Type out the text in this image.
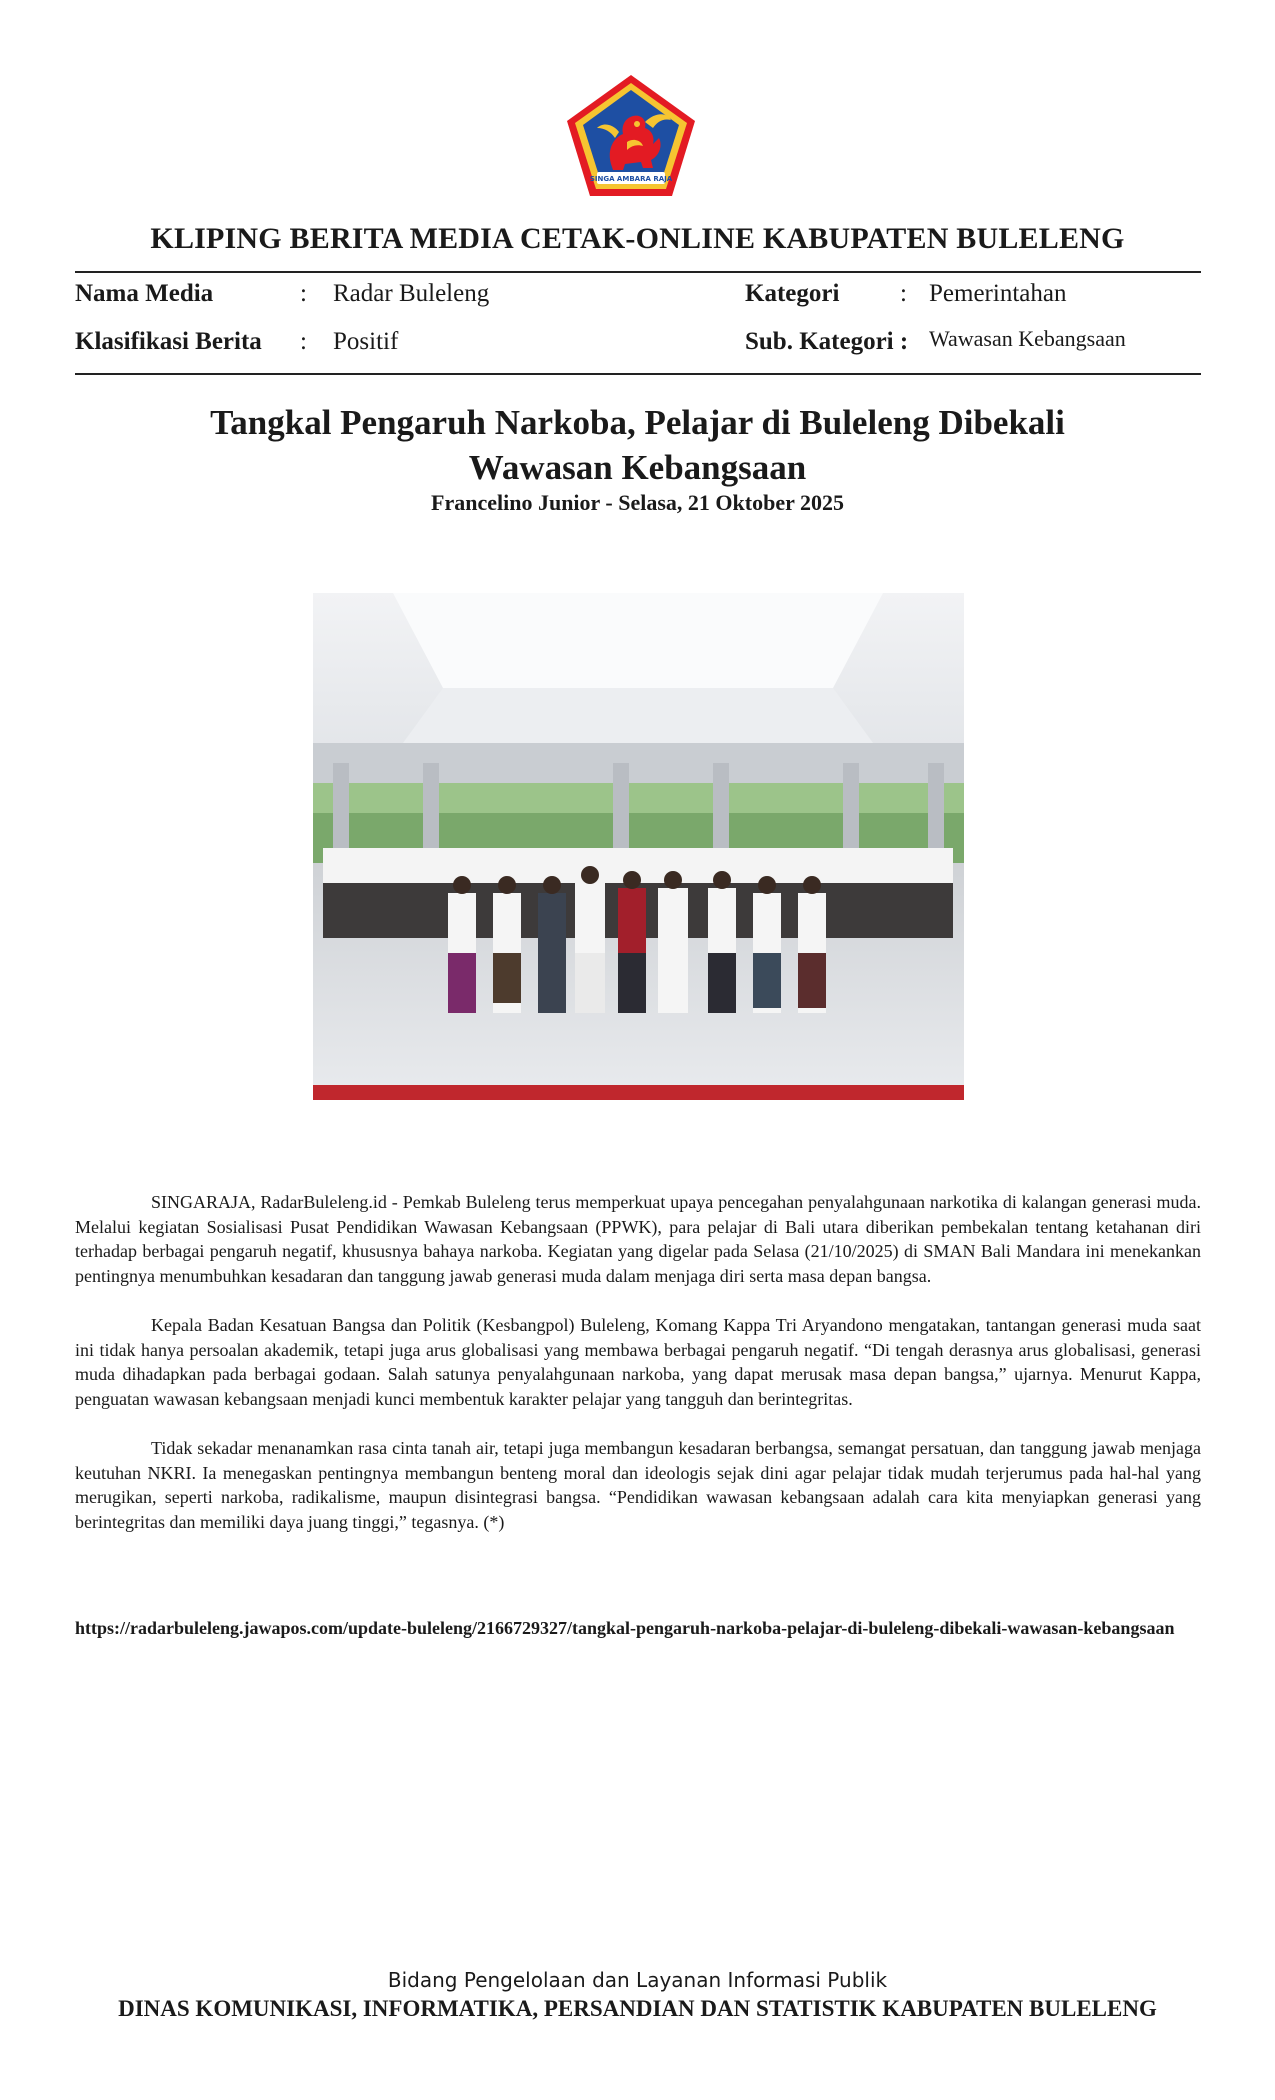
SINGA AMBARA RAJA
KLIPING BERITA MEDIA CETAK-ONLINE KABUPATEN BULELENG
Nama Media	: Radar Buleleng	Kategori : Pemerintahan
Klasifikasi Berita : Positif	Sub. Kategori : Wawasan Kebangsaan
Tangkal Pengaruh Narkoba, Pelajar di Buleleng Dibekali
Wawasan Kebangsaan
Francelino Junior - Selasa, 21 Oktober 2025

SINGARAJA, RadarBuleleng.id - Pemkab Buleleng terus memperkuat upaya pencegahan penyalahgunaan narkotika di kalangan generasi muda. Melalui kegiatan Sosialisasi Pusat Pendidikan Wawasan Kebangsaan (PPWK), para pelajar di Bali utara diberikan pembekalan tentang ketahanan diri terhadap berbagai pengaruh negatif, khususnya bahaya narkoba. Kegiatan yang digelar pada Selasa (21/10/2025) di SMAN Bali Mandara ini menekankan pentingnya menumbuhkan kesadaran dan tanggung jawab generasi muda dalam menjaga diri serta masa depan bangsa.

Kepala Badan Kesatuan Bangsa dan Politik (Kesbangpol) Buleleng, Komang Kappa Tri Aryandono mengatakan, tantangan generasi muda saat ini tidak hanya persoalan akademik, tetapi juga arus globalisasi yang membawa berbagai pengaruh negatif. “Di tengah derasnya arus globalisasi, generasi muda dihadapkan pada berbagai godaan. Salah satunya penyalahgunaan narkoba, yang dapat merusak masa depan bangsa,” ujarnya. Menurut Kappa, penguatan wawasan kebangsaan menjadi kunci membentuk karakter pelajar yang tangguh dan berintegritas.

Tidak sekadar menanamkan rasa cinta tanah air, tetapi juga membangun kesadaran berbangsa, semangat persatuan, dan tanggung jawab menjaga keutuhan NKRI. Ia menegaskan pentingnya membangun benteng moral dan ideologis sejak dini agar pelajar tidak mudah terjerumus pada hal-hal yang merugikan, seperti narkoba, radikalisme, maupun disintegrasi bangsa. “Pendidikan wawasan kebangsaan adalah cara kita menyiapkan generasi yang berintegritas dan memiliki daya juang tinggi,” tegasnya. (*)

https://radarbuleleng.jawapos.com/update-buleleng/2166729327/tangkal-pengaruh-narkoba-pelajar-di-buleleng-dibekali-wawasan-kebangsaan
Bidang Pengelolaan dan Layanan Informasi Publik
DINAS KOMUNIKASI, INFORMATIKA, PERSANDIAN DAN STATISTIK KABUPATEN BULELENG
